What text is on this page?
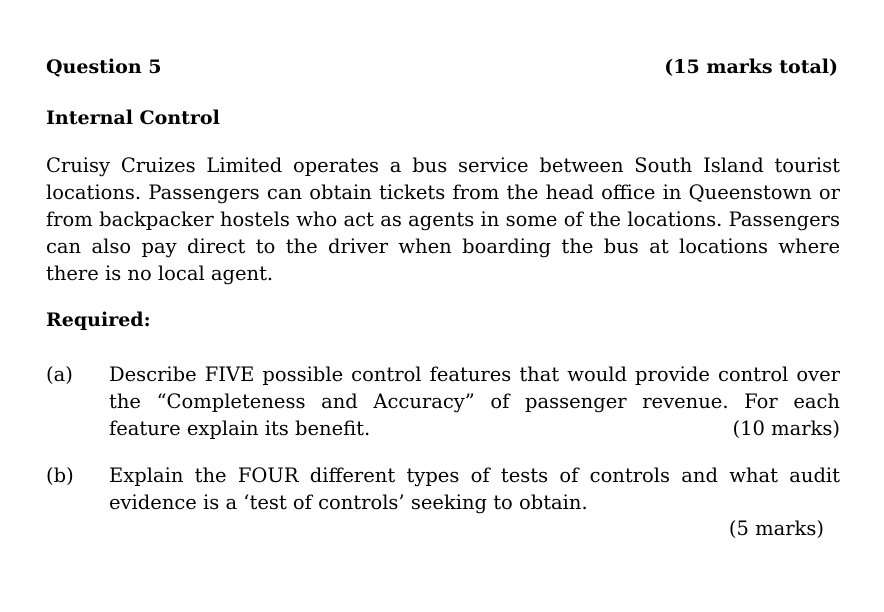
Question 5	(15 marks total)
Internal Control

Cruisy Cruizes Limited operates a bus service between South Island tourist locations. Passengers can obtain tickets from the head office in Queenstown or from backpacker hostels who act as agents in some of the locations. Passengers can also pay direct to the driver when boarding the bus at locations where there is no local agent.

Required:
(a)	Describe FIVE possible control features that would provide control over the “Completeness and Accuracy” of passenger revenue. For each feature explain its benefit.	(10 marks)

(b)	Explain the FOUR different types of tests of controls and what audit evidence is a ‘test of controls’ seeking to obtain.

(5 marks)
